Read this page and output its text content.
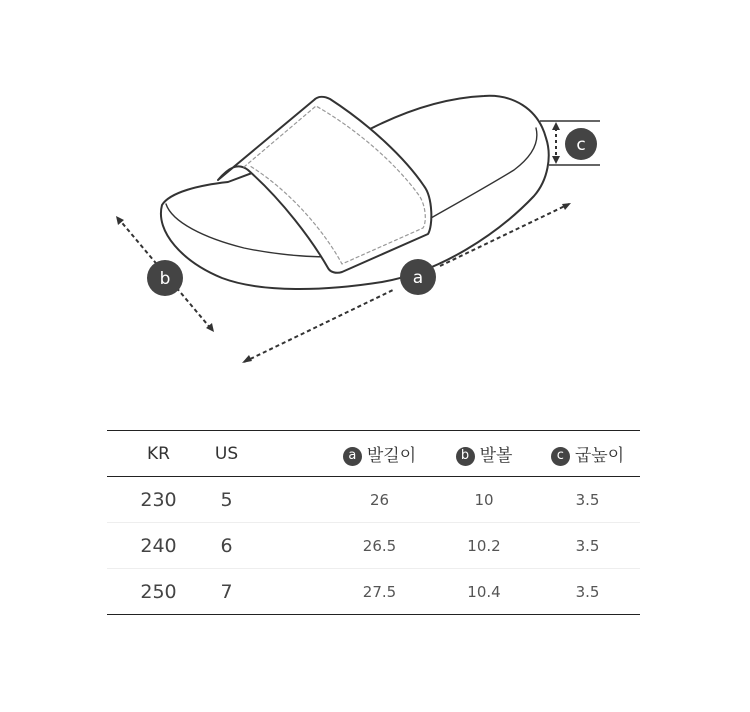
a
b
c
KR	US		a 발길이	b 발볼	c 굽높이
230	5		26	10	3.5
240	6		26.5	10.2	3.5
250	7		27.5	10.4	3.5
